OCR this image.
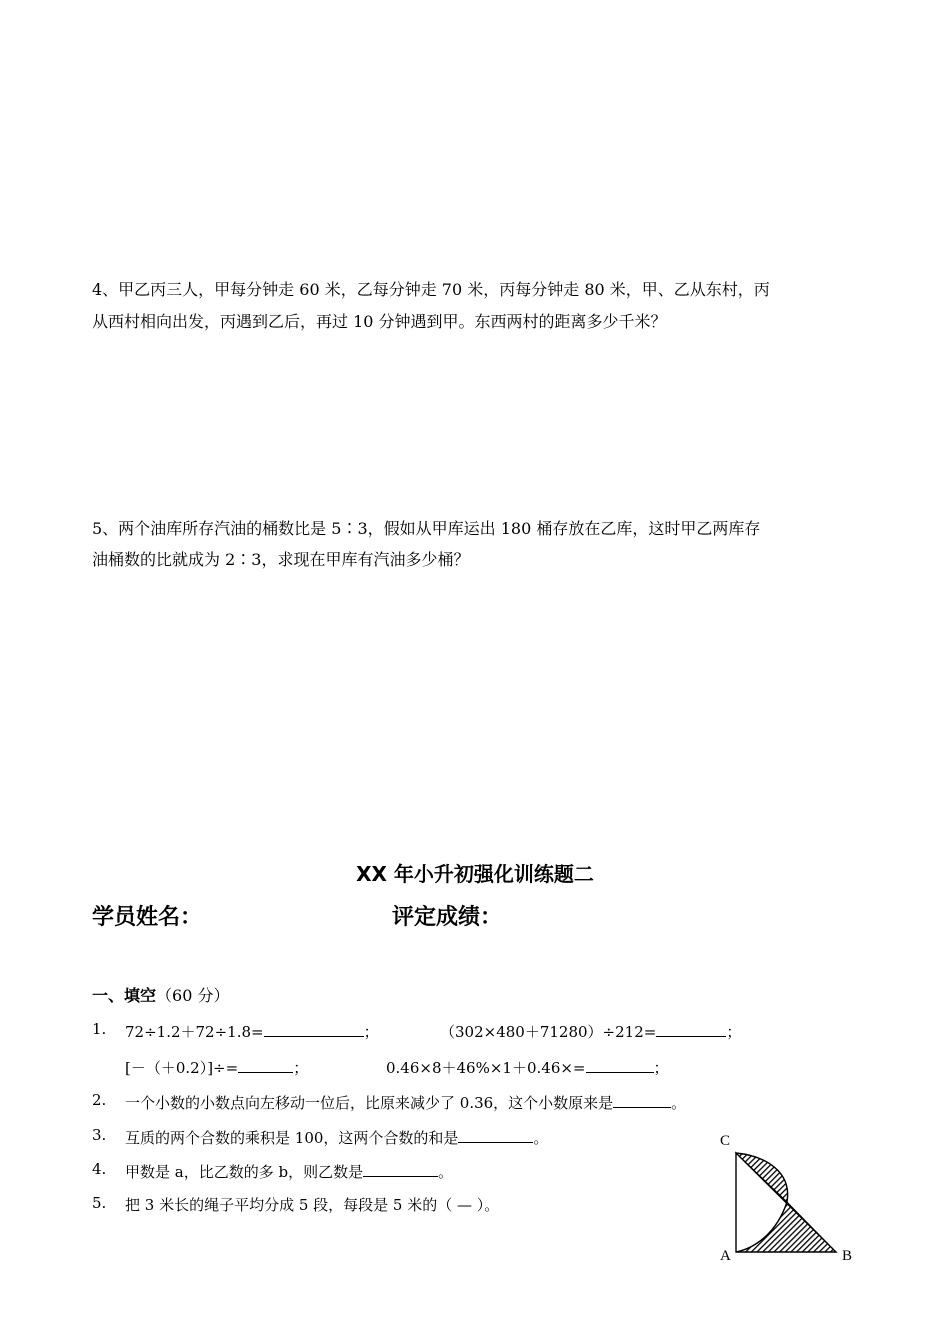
4、甲乙丙三人，甲每分钟走 60 米，乙每分钟走 70 米，丙每分钟走 80 米，甲、乙从东村，丙
从西村相向出发，丙遇到乙后，再过 10 分钟遇到甲。东西两村的距离多少千米？
5、两个油库所存汽油的桶数比是 5∶3，假如从甲库运出 180 桶存放在乙库，这时甲乙两库存
油桶数的比就成为 2∶3，求现在甲库有汽油多少桶？
XX 年小升初强化训练题二
学员姓名：	评定成绩：
一、填空（60 分）
1. 72÷1.2＋72÷1.8=	；	（302×480＋71280）÷212=	；
[－（＋0.2）]÷=	；	0.46×8＋46%×1＋0.46×=	；
2. 一个小数的小数点向左移动一位后，比原来减少了 0.36，这个小数原来是	。
3. 互质的两个合数的乘积是 100，这两个合数的和是	。
4. 甲数是 a，比乙数的多 b，则乙数是	。
5. 把 3 米长的绳子平均分成 5 段，每段是 5 米的（ — ）。
C
A	B
